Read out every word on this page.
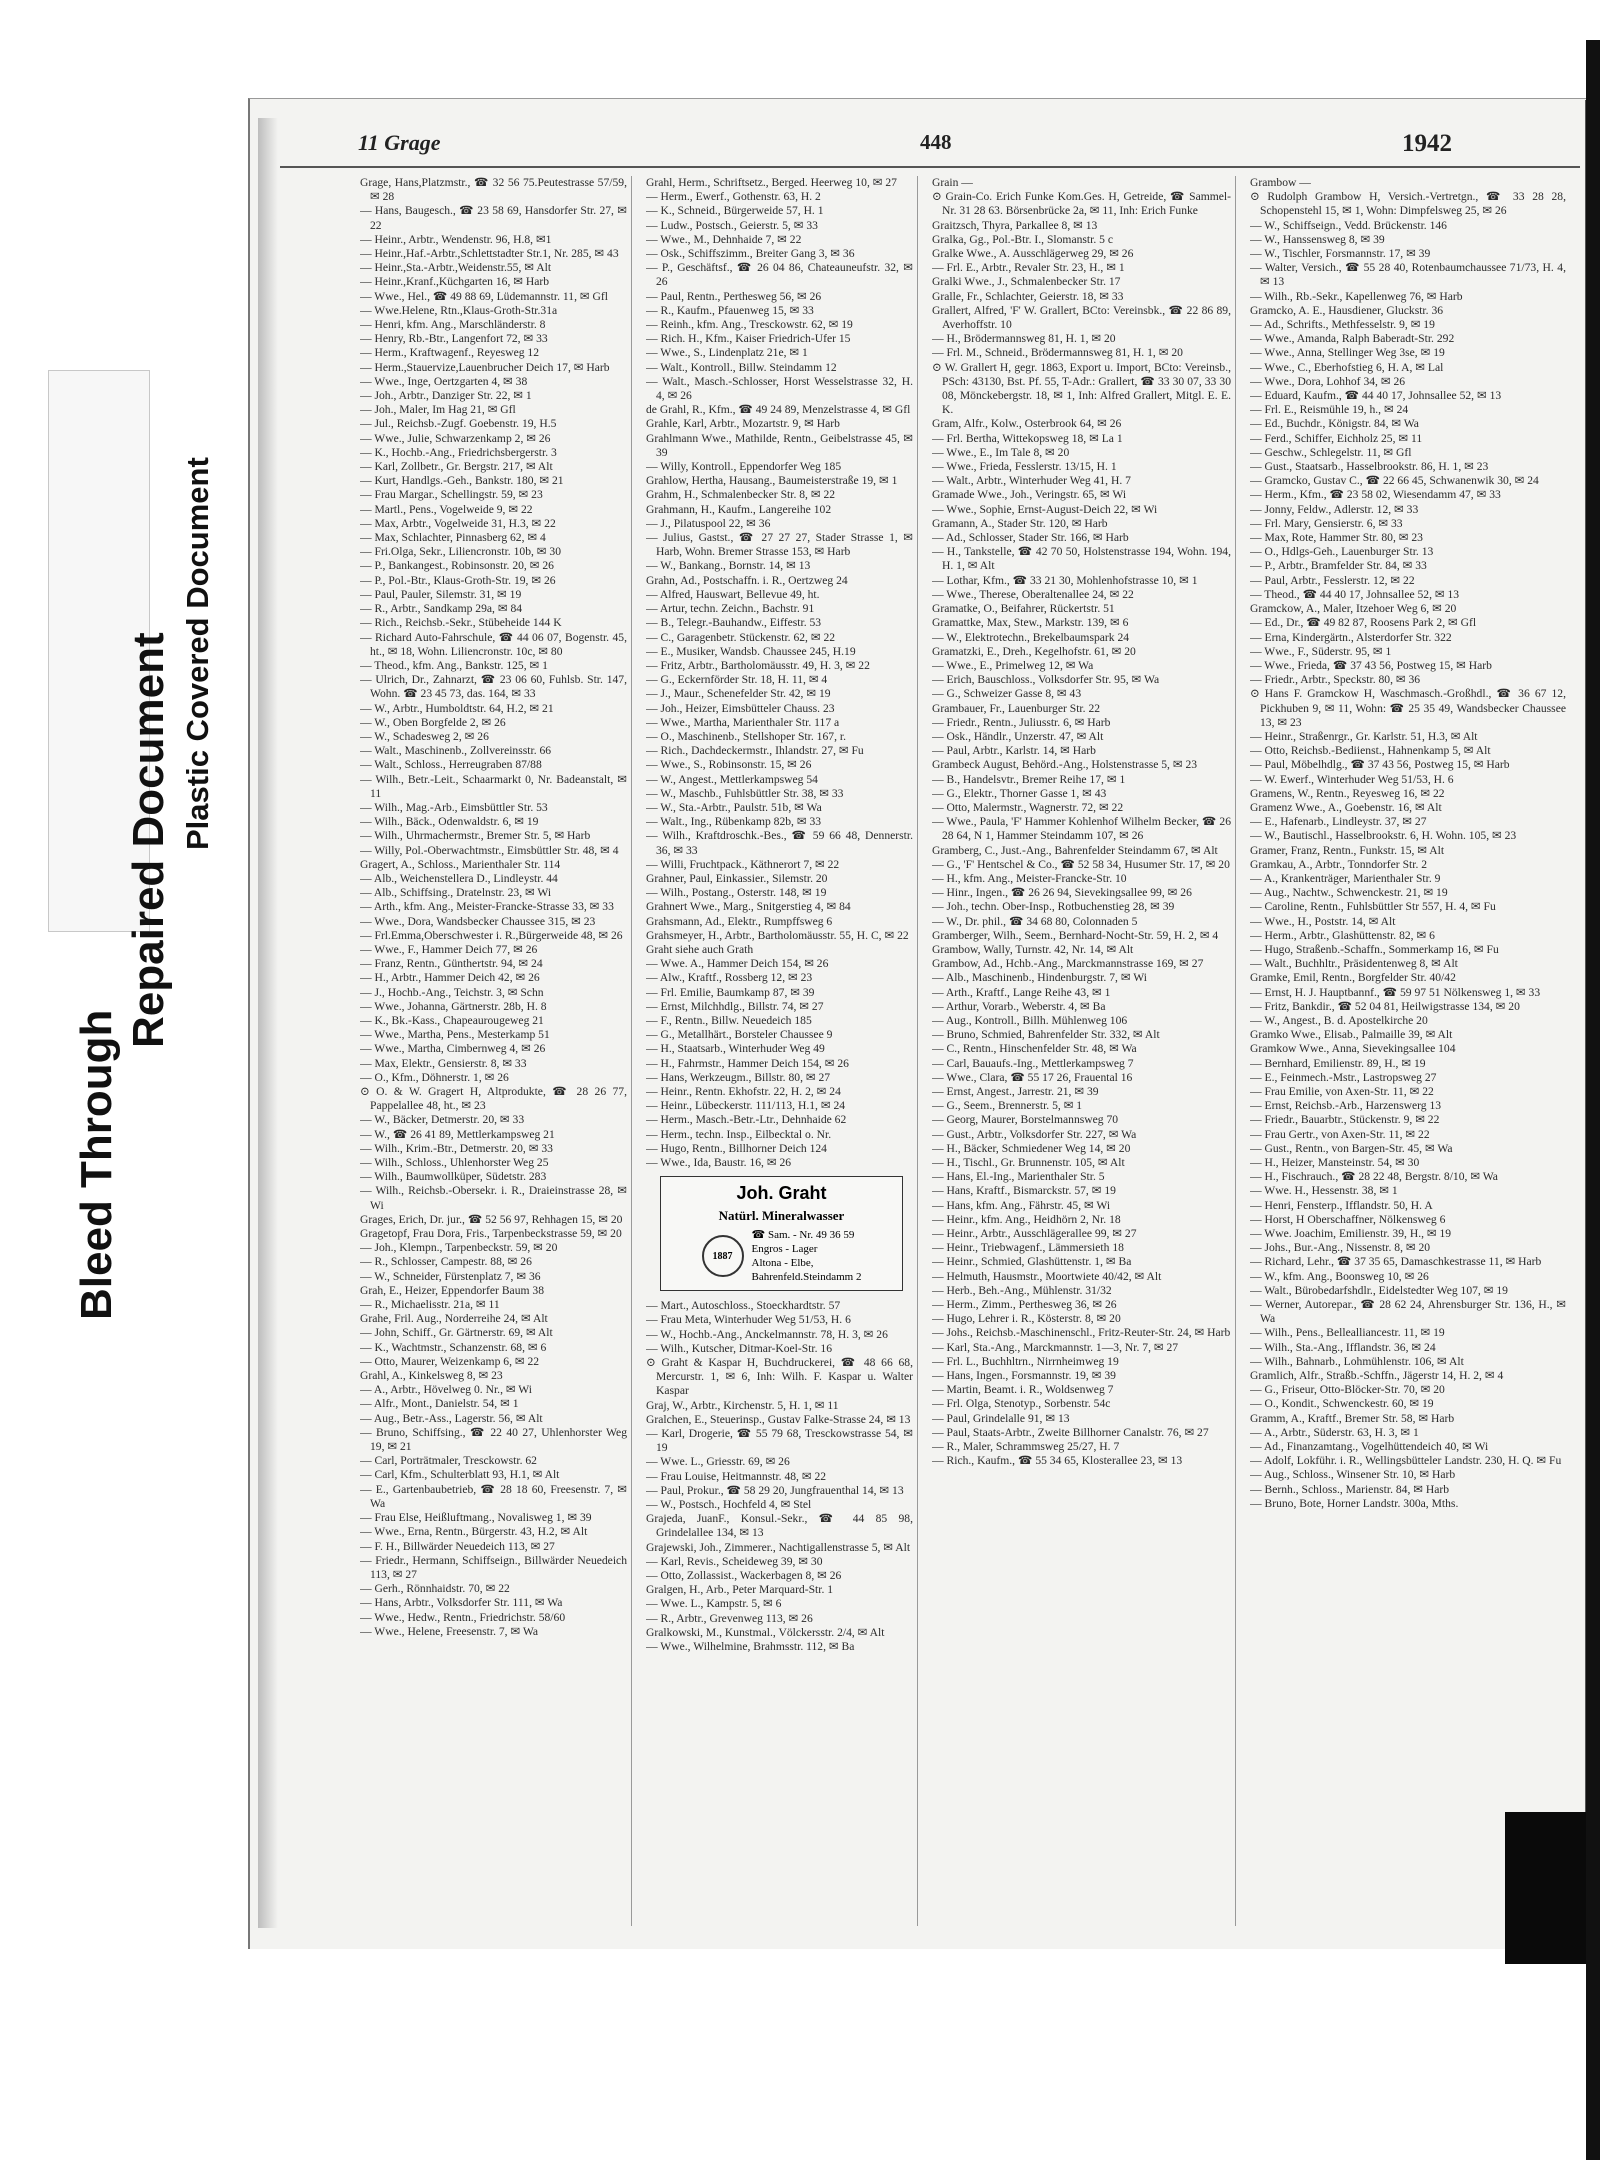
Bleed Through
Repaired Document Plastic Covered Document
11 Grage	448	1942

Grage, Hans,Platzmstr., ☎ 32 56 75.Peutestrasse 57/59, ✉ 28

— Hans, Baugesch., ☎ 23 58 69, Hansdorfer Str. 27, ✉ 22

— Heinr., Arbtr., Wendenstr. 96, H.8, ✉1

— Heinr.,Haf.-Arbtr.,Schlettstadter Str.1, Nr. 285, ✉ 43

— Heinr.,Sta.-Arbtr.,Weidenstr.55, ✉ Alt

— Heinr.,Kranf.,Küchgarten 16, ✉ Harb

— Wwe., Hel., ☎ 49 88 69, Lüdemannstr. 11, ✉ Gfl

— Wwe.Helene, Rtn.,Klaus-Groth-Str.31a

— Henri, kfm. Ang., Marschländerstr. 8

— Henry, Rb.-Btr., Langenfort 72, ✉ 33

— Herm., Kraftwagenf., Reyesweg 12

— Herm.,Stauervize,Lauenbrucher Deich 17, ✉ Harb

— Wwe., Inge, Oertzgarten 4, ✉ 38

— Joh., Arbtr., Danziger Str. 22, ✉ 1

— Joh., Maler, Im Hag 21, ✉ Gfl

— Jul., Reichsb.-Zugf. Goebenstr. 19, H.5

— Wwe., Julie, Schwarzenkamp 2, ✉ 26

— K., Hochb.-Ang., Friedrichsbergerstr. 3

— Karl, Zollbetr., Gr. Bergstr. 217, ✉ Alt

— Kurt, Handlgs.-Geh., Bankstr. 180, ✉ 21

— Frau Margar., Schellingstr. 59, ✉ 23

— Martl., Pens., Vogelweide 9, ✉ 22

— Max, Arbtr., Vogelweide 31, H.3, ✉ 22

— Max, Schlachter, Pinnasberg 62, ✉ 4

— Fri.Olga, Sekr., Liliencronstr. 10b, ✉ 30

— P., Bankangest., Robinsonstr. 20, ✉ 26

— P., Pol.-Btr., Klaus-Groth-Str. 19, ✉ 26

— Paul, Pauler, Silemstr. 31, ✉ 19

— R., Arbtr., Sandkamp 29a, ✉ 84

— Rich., Reichsb.-Sekr., Stübeheide 144 K

— Richard Auto-Fahrschule, ☎ 44 06 07, Bogenstr. 45, ht., ✉ 18, Wohn. Liliencronstr. 10c, ✉ 80

— Theod., kfm. Ang., Bankstr. 125, ✉ 1

— Ulrich, Dr., Zahnarzt, ☎ 23 06 60, Fuhlsb. Str. 147, Wohn. ☎ 23 45 73, das. 164, ✉ 33

— W., Arbtr., Humboldtstr. 64, H.2, ✉ 21

— W., Oben Borgfelde 2, ✉ 26

— W., Schadesweg 2, ✉ 26

— Walt., Maschinenb., Zollvereinsstr. 66

— Walt., Schloss., Herreugraben 87/88

— Wilh., Betr.-Leit., Schaarmarkt 0, Nr. Badeanstalt, ✉ 11

— Wilh., Mag.-Arb., Eimsbüttler Str. 53

— Wilh., Bäck., Odenwaldstr. 6, ✉ 19

— Wilh., Uhrmachermstr., Bremer Str. 5, ✉ Harb

— Willy, Pol.-Oberwachtmstr., Eimsbüttler Str. 48, ✉ 4

Gragert, A., Schloss., Marienthaler Str. 114

— Alb., Weichenstellera D., Lindleystr. 44

— Alb., Schiffsing., Dratelnstr. 23, ✉ Wi

— Arth., kfm. Ang., Meister-Francke-Strasse 33, ✉ 33

— Wwe., Dora, Wandsbecker Chaussee 315, ✉ 23

— Frl.Emma,Oberschwester i. R.,Bürgerweide 48, ✉ 26

— Wwe., F., Hammer Deich 77, ✉ 26

— Franz, Rentn., Günthertstr. 94, ✉ 24

— H., Arbtr., Hammer Deich 42, ✉ 26

— J., Hochb.-Ang., Teichstr. 3, ✉ Schn

— Wwe., Johanna, Gärtnerstr. 28b, H. 8

— K., Bk.-Kass., Chapeaurougeweg 21

— Wwe., Martha, Pens., Mesterkamp 51

— Wwe., Martha, Cimbernweg 4, ✉ 26

— Max, Elektr., Gensierstr. 8, ✉ 33

— O., Kfm., Döhnerstr. 1, ✉ 26

⊙ O. & W. Gragert H, Altprodukte, ☎ 28 26 77, Pappelallee 48, ht., ✉ 23

— W., Bäcker, Detmerstr. 20, ✉ 33

— W., ☎ 26 41 89, Mettlerkampsweg 21

— Wilh., Krim.-Btr., Detmerstr. 20, ✉ 33

— Wilh., Schloss., Uhlenhorster Weg 25

— Wilh., Baumwollküper, Südetstr. 283

— Wilh., Reichsb.-Obersekr. i. R., Draieinstrasse 28, ✉ Wi

Grages, Erich, Dr. jur., ☎ 52 56 97, Rehhagen 15, ✉ 20

Gragetopf, Frau Dora, Fris., Tarpenbeckstrasse 59, ✉ 20

— Joh., Klempn., Tarpenbeckstr. 59, ✉ 20

— R., Schlosser, Campestr. 88, ✉ 26

— W., Schneider, Fürstenplatz 7, ✉ 36

Grah, E., Heizer, Eppendorfer Baum 38

— R., Michaelisstr. 21a, ✉ 11

Grahe, Fril. Aug., Norderreihe 24, ✉ Alt

— John, Schiff., Gr. Gärtnerstr. 69, ✉ Alt

— K., Wachtmstr., Schanzenstr. 68, ✉ 6

— Otto, Maurer, Weizenkamp 6, ✉ 22

Grahl, A., Kinkelsweg 8, ✉ 23

— A., Arbtr., Hövelweg 0. Nr., ✉ Wi

— Alfr., Mont., Danielstr. 54, ✉ 1

— Aug., Betr.-Ass., Lagerstr. 56, ✉ Alt

— Bruno, Schiffsing., ☎ 22 40 27, Uhlenhorster Weg 19, ✉ 21

— Carl, Porträtmaler, Tresckowstr. 62

— Carl, Kfm., Schulterblatt 93, H.1, ✉ Alt

— E., Gartenbaubetrieb, ☎ 28 18 60, Freesenstr. 7, ✉ Wa

— Frau Else, Heißluftmang., Novalisweg 1, ✉ 39

— Wwe., Erna, Rentn., Bürgerstr. 43, H.2, ✉ Alt

— F. H., Billwärder Neuedeich 113, ✉ 27

— Friedr., Hermann, Schiffseign., Billwärder Neuedeich 113, ✉ 27

— Gerh., Rönnhaidstr. 70, ✉ 22

— Hans, Arbtr., Volksdorfer Str. 111, ✉ Wa

— Wwe., Hedw., Rentn., Friedrichstr. 58/60

— Wwe., Helene, Freesenstr. 7, ✉ Wa

Grahl, Herm., Schriftsetz., Berged. Heerweg 10, ✉ 27

— Herm., Ewerf., Gothenstr. 63, H. 2

— K., Schneid., Bürgerweide 57, H. 1

— Ludw., Postsch., Geierstr. 5, ✉ 33

— Wwe., M., Dehnhaide 7, ✉ 22

— Osk., Schiffszimm., Breiter Gang 3, ✉ 36

— P., Geschäftsf., ☎ 26 04 86, Chateauneufstr. 32, ✉ 26

— Paul, Rentn., Perthesweg 56, ✉ 26

— R., Kaufm., Pfauenweg 15, ✉ 33

— Reinh., kfm. Ang., Tresckowstr. 62, ✉ 19

— Rich. H., Kfm., Kaiser Friedrich-Ufer 15

— Wwe., S., Lindenplatz 21e, ✉ 1

— Walt., Kontroll., Billw. Steindamm 12

— Walt., Masch.-Schlosser, Horst Wesselstrasse 32, H. 4, ✉ 26

de Grahl, R., Kfm., ☎ 49 24 89, Menzelstrasse 4, ✉ Gfl

Grahle, Karl, Arbtr., Mozartstr. 9, ✉ Harb

Grahlmann Wwe., Mathilde, Rentn., Geibelstrasse 45, ✉ 39

— Willy, Kontroll., Eppendorfer Weg 185

Grahlow, Hertha, Hausang., Baumeisterstraße 19, ✉ 1

Grahm, H., Schmalenbecker Str. 8, ✉ 22

Grahmann, H., Kaufm., Langereihe 102

— J., Pilatuspool 22, ✉ 36

— Julius, Gastst., ☎ 27 27 27, Stader Strasse 1, ✉ Harb, Wohn. Bremer Strasse 153, ✉ Harb

— W., Bankang., Bornstr. 14, ✉ 13

Grahn, Ad., Postschaffn. i. R., Oertzweg 24

— Alfred, Hauswart, Bellevue 49, ht.

— Artur, techn. Zeichn., Bachstr. 91

— B., Telegr.-Bauhandw., Eiffestr. 53

— C., Garagenbetr. Stückenstr. 62, ✉ 22

— E., Musiker, Wandsb. Chaussee 245, H.19

— Fritz, Arbtr., Bartholomäusstr. 49, H. 3, ✉ 22

— G., Eckernförder Str. 18, H. 11, ✉ 4

— J., Maur., Schenefelder Str. 42, ✉ 19

— Joh., Heizer, Eimsbütteler Chauss. 23

— Wwe., Martha, Marienthaler Str. 117 a

— O., Maschinenb., Stellshoper Str. 167, r.

— Rich., Dachdeckermstr., Ihlandstr. 27, ✉ Fu

— Wwe., S., Robinsonstr. 15, ✉ 26

— W., Angest., Mettlerkampsweg 54

— W., Maschb., Fuhlsbüttler Str. 38, ✉ 33

— W., Sta.-Arbtr., Paulstr. 51b, ✉ Wa

— Walt., Ing., Rübenkamp 82b, ✉ 33

— Wilh., Kraftdroschk.-Bes., ☎ 59 66 48, Dennerstr. 36, ✉ 33

— Willi, Fruchtpack., Käthnerort 7, ✉ 22

Grahner, Paul, Einkassier., Silemstr. 20

— Wilh., Postang., Osterstr. 148, ✉ 19

Grahnert Wwe., Marg., Snitgerstieg 4, ✉ 84

Grahsmann, Ad., Elektr., Rumpffsweg 6

Grahsmeyer, H., Arbtr., Bartholomäusstr. 55, H. C, ✉ 22

Graht siehe auch Grath

— Wwe. A., Hammer Deich 154, ✉ 26

— Alw., Kraftf., Rossberg 12, ✉ 23

— Frl. Emilie, Baumkamp 87, ✉ 39

— Ernst, Milchhdlg., Billstr. 74, ✉ 27

— F., Rentn., Billw. Neuedeich 185

— G., Metallhärt., Borsteler Chaussee 9

— H., Staatsarb., Winterhuder Weg 49

— H., Fahrmstr., Hammer Deich 154, ✉ 26

— Hans, Werkzeugm., Billstr. 80, ✉ 27

— Heinr., Rentn. Ekhofstr. 22, H. 2, ✉ 24

— Heinr., Lübeckerstr. 111/113, H.1, ✉ 24

— Herm., Masch.-Betr.-Ltr., Dehnhaide 62

— Herm., techn. Insp., Eilbecktal o. Nr.

— Hugo, Rentn., Billhorner Deich 124

— Wwe., Ida, Baustr. 16, ✉ 26

Joh. Graht
Natürl. Mineralwasser
1887
☎ Sam. - Nr. 49 36 59
Engros - Lager
Altona - Elbe,
Bahrenfeld.Steindamm 2

— Mart., Autoschloss., Stoeckhardtstr. 57

— Frau Meta, Winterhuder Weg 51/53, H. 6

— W., Hochb.-Ang., Anckelmannstr. 78, H. 3, ✉ 26

— Wilh., Kutscher, Ditmar-Koel-Str. 16

⊙ Graht & Kaspar H, Buchdruckerei, ☎ 48 66 68, Mercurstr. 1, ✉ 6, Inh: Wilh. F. Kaspar u. Walter Kaspar

Graj, W., Arbtr., Kirchenstr. 5, H. 1, ✉ 11

Gralchen, E., Steuerinsp., Gustav Falke-Strasse 24, ✉ 13

— Karl, Drogerie, ☎ 55 79 68, Tresckowstrasse 54, ✉ 19

— Wwe. L., Griesstr. 69, ✉ 26

— Frau Louise, Heitmannstr. 48, ✉ 22

— Paul, Prokur., ☎ 58 29 20, Jungfrauenthal 14, ✉ 13

— W., Postsch., Hochfeld 4, ✉ Stel

Grajeda, JuanF., Konsul.-Sekr., ☎ 44 85 98, Grindelallee 134, ✉ 13

Grajewski, Joh., Zimmerer., Nachtigallenstrasse 5, ✉ Alt

— Karl, Revis., Scheideweg 39, ✉ 30

— Otto, Zollassist., Wackerbagen 8, ✉ 26

Gralgen, H., Arb., Peter Marquard-Str. 1

— Wwe. L., Kampstr. 5, ✉ 6

— R., Arbtr., Grevenweg 113, ✉ 26

Gralkowski, M., Kunstmal., Völckersstr. 2/4, ✉ Alt

— Wwe., Wilhelmine, Brahmsstr. 112, ✉ Ba

Grain —

⊙ Grain-Co. Erich Funke Kom.Ges. H, Getreide, ☎ Sammel-Nr. 31 28 63. Börsenbrücke 2a, ✉ 11, Inh: Erich Funke

Graitzsch, Thyra, Parkallee 8, ✉ 13

Gralka, Gg., Pol.-Btr. I., Slomanstr. 5 c

Gralke Wwe., A. Ausschlägerweg 29, ✉ 26

— Frl. E., Arbtr., Revaler Str. 23, H., ✉ 1

Gralki Wwe., J., Schmalenbecker Str. 17

Gralle, Fr., Schlachter, Geierstr. 18, ✉ 33

Grallert, Alfred, 'F' W. Grallert, BCto: Vereinsbk., ☎ 22 86 89, Averhoffstr. 10

— H., Brödermannsweg 81, H. 1, ✉ 20

— Frl. M., Schneid., Brödermannsweg 81, H. 1, ✉ 20

⊙ W. Grallert H, gegr. 1863, Export u. Import, BCto: Vereinsb., PSch: 43130, Bst. Pf. 55, T-Adr.: Grallert, ☎ 33 30 07, 33 30 08, Mönckebergstr. 18, ✉ 1, Inh: Alfred Grallert, Mitgl. E. E. K.

Gram, Alfr., Kolw., Osterbrook 64, ✉ 26

— Frl. Bertha, Wittekopsweg 18, ✉ La 1

— Wwe., E., Im Tale 8, ✉ 20

— Wwe., Frieda, Fesslerstr. 13/15, H. 1

— Walt., Arbtr., Winterhuder Weg 41, H. 7

Gramade Wwe., Joh., Veringstr. 65, ✉ Wi

— Wwe., Sophie, Ernst-August-Deich 22, ✉ Wi

Gramann, A., Stader Str. 120, ✉ Harb

— Ad., Schlosser, Stader Str. 166, ✉ Harb

— H., Tankstelle, ☎ 42 70 50, Holstenstrasse 194, Wohn. 194, H. 1, ✉ Alt

— Lothar, Kfm., ☎ 33 21 30, Mohlenhofstrasse 10, ✉ 1

— Wwe., Therese, Oberaltenallee 24, ✉ 22

Gramatke, O., Beifahrer, Rückertstr. 51

Gramattke, Max, Stew., Markstr. 139, ✉ 6

— W., Elektrotechn., Brekelbaumspark 24

Gramatzki, E., Dreh., Kegelhofstr. 61, ✉ 20

— Wwe., E., Primelweg 12, ✉ Wa

— Erich, Bauschloss., Volksdorfer Str. 95, ✉ Wa

— G., Schweizer Gasse 8, ✉ 43

Grambauer, Fr., Lauenburger Str. 22

— Friedr., Rentn., Juliusstr. 6, ✉ Harb

— Osk., Händlr., Unzerstr. 47, ✉ Alt

— Paul, Arbtr., Karlstr. 14, ✉ Harb

Grambeck August, Behörd.-Ang., Holstenstrasse 5, ✉ 23

— B., Handelsvtr., Bremer Reihe 17, ✉ 1

— G., Elektr., Thorner Gasse 1, ✉ 43

— Otto, Malermstr., Wagnerstr. 72, ✉ 22

— Wwe., Paula, 'F' Hammer Kohlenhof Wilhelm Becker, ☎ 26 28 64, N 1, Hammer Steindamm 107, ✉ 26

Gramberg, C., Just.-Ang., Bahrenfelder Steindamm 67, ✉ Alt

— G., 'F' Hentschel & Co., ☎ 52 58 34, Husumer Str. 17, ✉ 20

— H., kfm. Ang., Meister-Francke-Str. 10

— Hinr., Ingen., ☎ 26 26 94, Sievekingsallee 99, ✉ 26

— Joh., techn. Ober-Insp., Rotbuchenstieg 28, ✉ 39

— W., Dr. phil., ☎ 34 68 80, Colonnaden 5

Gramberger, Wilh., Seem., Bernhard-Nocht-Str. 59, H. 2, ✉ 4

Grambow, Wally, Turnstr. 42, Nr. 14, ✉ Alt

Grambow, Ad., Hchb.-Ang., Marckmannstrasse 169, ✉ 27

— Alb., Maschinenb., Hindenburgstr. 7, ✉ Wi

— Arth., Kraftf., Lange Reihe 43, ✉ 1

— Arthur, Vorarb., Weberstr. 4, ✉ Ba

— Aug., Kontroll., Billh. Mühlenweg 106

— Bruno, Schmied, Bahrenfelder Str. 332, ✉ Alt

— C., Rentn., Hinschenfelder Str. 48, ✉ Wa

— Carl, Bauaufs.-Ing., Mettlerkampsweg 7

— Wwe., Clara, ☎ 55 17 26, Frauental 16

— Ernst, Angest., Jarrestr. 21, ✉ 39

— G., Seem., Brennerstr. 5, ✉ 1

— Georg, Maurer, Borstelmannsweg 70

— Gust., Arbtr., Volksdorfer Str. 227, ✉ Wa

— H., Bäcker, Schmiedener Weg 14, ✉ 20

— H., Tischl., Gr. Brunnenstr. 105, ✉ Alt

— Hans, El.-Ing., Marienthaler Str. 5

— Hans, Kraftf., Bismarckstr. 57, ✉ 19

— Hans, kfm. Ang., Fährstr. 45, ✉ Wi

— Heinr., kfm. Ang., Heidhörn 2, Nr. 18

— Heinr., Arbtr., Ausschlägerallee 99, ✉ 27

— Heinr., Triebwagenf., Lämmersieth 18

— Heinr., Schmied, Glashüttenstr. 1, ✉ Ba

— Helmuth, Hausmstr., Moortwiete 40/42, ✉ Alt

— Herb., Beh.-Ang., Mühlenstr. 31/32

— Herm., Zimm., Perthesweg 36, ✉ 26

— Hugo, Lehrer i. R., Kösterstr. 8, ✉ 20

— Johs., Reichsb.-Maschinenschl., Fritz-Reuter-Str. 24, ✉ Harb

— Karl, Sta.-Ang., Marckmannstr. 1—3, Nr. 7, ✉ 27

— Frl. L., Buchhltrn., Nirrnheimweg 19

— Hans, Ingen., Forsmannstr. 19, ✉ 39

— Martin, Beamt. i. R., Woldsenweg 7

— Frl. Olga, Stenotyp., Sorbenstr. 54c

— Paul, Grindelalle 91, ✉ 13

— Paul, Staats-Arbtr., Zweite Billhorner Canalstr. 76, ✉ 27

— R., Maler, Schrammsweg 25/27, H. 7

— Rich., Kaufm., ☎ 55 34 65, Klosterallee 23, ✉ 13

Grambow —

⊙ Rudolph Grambow H, Versich.-Vertretgn., ☎ 33 28 28, Schopenstehl 15, ✉ 1, Wohn: Dimpfelsweg 25, ✉ 26

— W., Schiffseign., Vedd. Brückenstr. 146

— W., Hanssensweg 8, ✉ 39

— W., Tischler, Forsmannstr. 17, ✉ 39

— Walter, Versich., ☎ 55 28 40, Rotenbaumchaussee 71/73, H. 4, ✉ 13

— Wilh., Rb.-Sekr., Kapellenweg 76, ✉ Harb

Gramcko, A. E., Hausdiener, Gluckstr. 36

— Ad., Schrifts., Methfesselstr. 9, ✉ 19

— Wwe., Amanda, Ralph Baberadt-Str. 292

— Wwe., Anna, Stellinger Weg 3se, ✉ 19

— Wwe., C., Eberhofstieg 6, H. A, ✉ Lal

— Wwe., Dora, Lohhof 34, ✉ 26

— Eduard, Kaufm., ☎ 44 40 17, Johnsallee 52, ✉ 13

— Frl. E., Reismühle 19, h., ✉ 24

— Ed., Buchdr., Königstr. 84, ✉ Wa

— Ferd., Schiffer, Eichholz 25, ✉ 11

— Geschw., Schlegelstr. 11, ✉ Gfl

— Gust., Staatsarb., Hasselbrookstr. 86, H. 1, ✉ 23

— Gramcko, Gustav C., ☎ 22 66 45, Schwanenwik 30, ✉ 24

— Herm., Kfm., ☎ 23 58 02, Wiesendamm 47, ✉ 33

— Jonny, Feldw., Adlerstr. 12, ✉ 33

— Frl. Mary, Gensierstr. 6, ✉ 33

— Max, Rote, Hammer Str. 80, ✉ 23

— O., Hdlgs-Geh., Lauenburger Str. 13

— P., Arbtr., Bramfelder Str. 84, ✉ 33

— Paul, Arbtr., Fesslerstr. 12, ✉ 22

— Theod., ☎ 44 40 17, Johnsallee 52, ✉ 13

Gramckow, A., Maler, Itzehoer Weg 6, ✉ 20

— Ed., Dr., ☎ 49 82 87, Roosens Park 2, ✉ Gfl

— Erna, Kindergärtn., Alsterdorfer Str. 322

— Wwe., F., Süderstr. 95, ✉ 1

— Wwe., Frieda, ☎ 37 43 56, Postweg 15, ✉ Harb

— Friedr., Arbtr., Speckstr. 80, ✉ 36

⊙ Hans F. Gramckow H, Waschmasch.-Großhdl., ☎ 36 67 12, Pickhuben 9, ✉ 11, Wohn: ☎ 25 35 49, Wandsbecker Chaussee 13, ✉ 23

— Heinr., Straßenrgr., Gr. Karlstr. 51, H.3, ✉ Alt

— Otto, Reichsb.-Bediienst., Hahnenkamp 5, ✉ Alt

— Paul, Möbelhdlg., ☎ 37 43 56, Postweg 15, ✉ Harb

— W. Ewerf., Winterhuder Weg 51/53, H. 6

Gramens, W., Rentn., Reyesweg 16, ✉ 22

Gramenz Wwe., A., Goebenstr. 16, ✉ Alt

— E., Hafenarb., Lindleystr. 37, ✉ 27

— W., Bautischl., Hasselbrookstr. 6, H. Wohn. 105, ✉ 23

Gramer, Franz, Rentn., Funkstr. 15, ✉ Alt

Gramkau, A., Arbtr., Tonndorfer Str. 2

— A., Krankenträger, Marienthaler Str. 9

— Aug., Nachtw., Schwenckestr. 21, ✉ 19

— Caroline, Rentn., Fuhlsbüttler Str 557, H. 4, ✉ Fu

— Wwe., H., Poststr. 14, ✉ Alt

— Herm., Arbtr., Glashüttenstr. 82, ✉ 6

— Hugo, Straßenb.-Schaffn., Sommerkamp 16, ✉ Fu

— Walt., Buchhltr., Präsidentenweg 8, ✉ Alt

Gramke, Emil, Rentn., Borgfelder Str. 40/42

— Ernst, H. J. Hauptbannf., ☎ 59 97 51 Nölkensweg 1, ✉ 33

— Fritz, Bankdir., ☎ 52 04 81, Heilwigstrasse 134, ✉ 20

— W., Angest., B. d. Apostelkirche 20

Gramko Wwe., Elisab., Palmaille 39, ✉ Alt

Gramkow Wwe., Anna, Sievekingsallee 104

— Bernhard, Emilienstr. 89, H., ✉ 19

— E., Feinmech.-Mstr., Lastropsweg 27

— Frau Emilie, von Axen-Str. 11, ✉ 22

— Ernst, Reichsb.-Arb., Harzenswerg 13

— Friedr., Bauarbtr., Stückenstr. 9, ✉ 22

— Frau Gertr., von Axen-Str. 11, ✉ 22

— Gust., Rentn., von Bargen-Str. 45, ✉ Wa

— H., Heizer, Mansteinstr. 54, ✉ 30

— H., Fischrauch., ☎ 28 22 48, Bergstr. 8/10, ✉ Wa

— Wwe. H., Hessenstr. 38, ✉ 1

— Henri, Fensterp., Ifflandstr. 50, H. A

— Horst, H Oberschaffner, Nölkensweg 6

— Wwe. Joachim, Emilienstr. 39, H., ✉ 19

— Johs., Bur.-Ang., Nissenstr. 8, ✉ 20

— Richard, Lehr., ☎ 37 35 65, Damaschkestrasse 11, ✉ Harb

— W., kfm. Ang., Boonsweg 10, ✉ 26

— Walt., Bürobedarfshdlr., Eidelstedter Weg 107, ✉ 19

— Werner, Autorepar., ☎ 28 62 24, Ahrensburger Str. 136, H., ✉ Wa

— Wilh., Pens., Bellealliancestr. 11, ✉ 19

— Wilh., Sta.-Ang., Ifflandstr. 36, ✉ 24

— Wilh., Bahnarb., Lohmühlenstr. 106, ✉ Alt

Gramlich, Alfr., Straßb.-Schffn., Jägerstr 14, H. 2, ✉ 4

— G., Friseur, Otto-Blöcker-Str. 70, ✉ 20

— O., Kondit., Schwenckestr. 60, ✉ 19

Gramm, A., Kraftf., Bremer Str. 58, ✉ Harb

— A., Arbtr., Süderstr. 63, H. 3, ✉ 1

— Ad., Finanzamtang., Vogelhüttendeich 40, ✉ Wi

— Adolf, Lokführ. i. R., Wellingsbütteler Landstr. 230, H. Q. ✉ Fu

— Aug., Schloss., Winsener Str. 10, ✉ Harb

— Bernh., Schloss., Marienstr. 84, ✉ Harb

— Bruno, Bote, Horner Landstr. 300a, Mths.
